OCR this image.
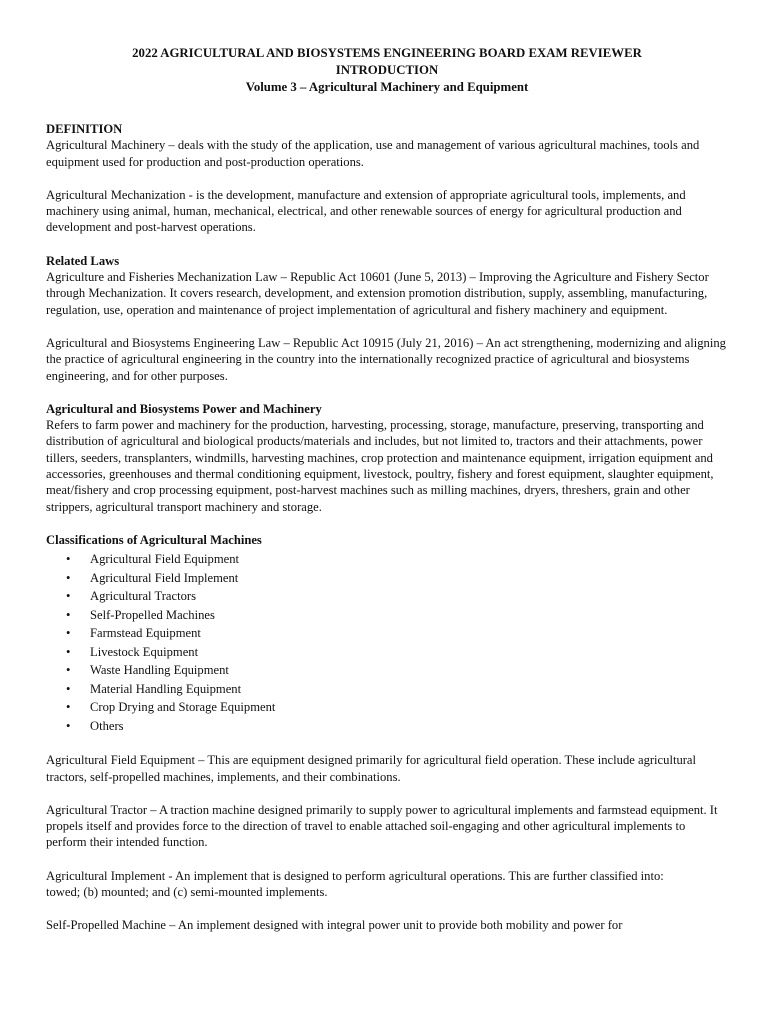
2022 AGRICULTURAL AND BIOSYSTEMS ENGINEERING BOARD EXAM REVIEWER
INTRODUCTION
Volume 3 – Agricultural Machinery and Equipment
DEFINITION

Agricultural Machinery – deals with the study of the application, use and management of various agricultural machines, tools and equipment used for production and post-production operations.

Agricultural Mechanization - is the development, manufacture and extension of appropriate agricultural tools, implements, and machinery using animal, human, mechanical, electrical, and other renewable sources of energy for agricultural production and development and post-harvest operations.

Related Laws

Agriculture and Fisheries Mechanization Law – Republic Act 10601 (June 5, 2013) – Improving the Agriculture and Fishery Sector through Mechanization. It covers research, development, and extension promotion distribution, supply, assembling, manufacturing, regulation, use, operation and maintenance of project implementation of agricultural and fishery machinery and equipment.

Agricultural and Biosystems Engineering Law – Republic Act 10915 (July 21, 2016) – An act strengthening, modernizing and aligning the practice of agricultural engineering in the country into the internationally recognized practice of agricultural and biosystems engineering, and for other purposes.

Agricultural and Biosystems Power and Machinery

Refers to farm power and machinery for the production, harvesting, processing, storage, manufacture, preserving, transporting and distribution of agricultural and biological products/materials and includes, but not limited to, tractors and their attachments, power tillers, seeders, transplanters, windmills, harvesting machines, crop protection and maintenance equipment, irrigation equipment and accessories, greenhouses and thermal conditioning equipment, livestock, poultry, fishery and forest equipment, slaughter equipment, meat/fishery and crop processing equipment, post-harvest machines such as milling machines, dryers, threshers, grain and other strippers, agricultural transport machinery and storage.

Classifications of Agricultural Machines
• Agricultural Field Equipment
• Agricultural Field Implement
• Agricultural Tractors
• Self-Propelled Machines
• Farmstead Equipment
• Livestock Equipment
• Waste Handling Equipment
• Material Handling Equipment
• Crop Drying and Storage Equipment
• Others

Agricultural Field Equipment – This are equipment designed primarily for agricultural field operation. These include agricultural tractors, self-propelled machines, implements, and their combinations.

Agricultural Tractor – A traction machine designed primarily to supply power to agricultural implements and farmstead equipment. It propels itself and provides force to the direction of travel to enable attached soil-engaging and other agricultural implements to perform their intended function.

Agricultural Implement - An implement that is designed to perform agricultural operations. This are further classified into:

towed; (b) mounted; and (c) semi-mounted implements.

Self-Propelled Machine – An implement designed with integral power unit to provide both mobility and power for
